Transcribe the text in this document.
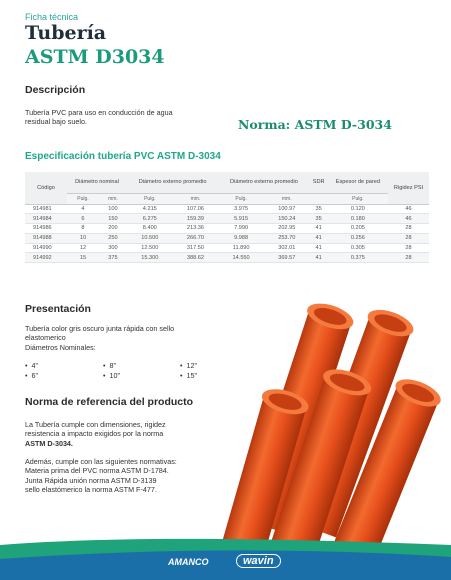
Ficha técnica
Tubería
ASTM D3034
Descripción
Tubería PVC para uso en conducción de agua
residual bajo suelo.	Norma: ASTM D-3034
Especificación tubería PVC ASTM D-3034
Código	Diámetro nominal		Diámetro externo promedio		Diámetro externo promedio		SDR	Espesor de pared	Rigidez PSI
	Pulg.	mm.	Pulg.	mm.	Pulg.	mm.		Pulg.	
914981	4	100	4.215	107.06	3.975	100.97	35	0.120	46
914984	6	150	6.275	159.39	5.915	150.24	35	0.180	46
914986	8	200	8.400	213.36	7.990	202.95	41	0.205	28
914988	10	250	10.500	266.70	9.988	253.70	41	0.256	28
914990	12	300	12.500	317.50	11.890	302.01	41	0.305	28
914992	15	375	15.300	388.62	14.550	369.57	41	0.375	28
Presentación
Tubería color gris oscuro junta rápida con sello
elastomerico
Diámetros Nominales:
•  4”	•  8”	•  12”
•  6”	•  10”	•  15”
Norma de referencia del producto
La Tubería cumple con dimensiones, rigidez
resistencia a impacto exigidos por la norma
ASTM D-3034.
Además, cumple con las siguientes normativas:
Materia prima del PVC norma ASTM D-1784.
Junta Rápida unión norma ASTM D-3139
sello elastómerico la norma ASTM F-477.
AMANCO	wavin
